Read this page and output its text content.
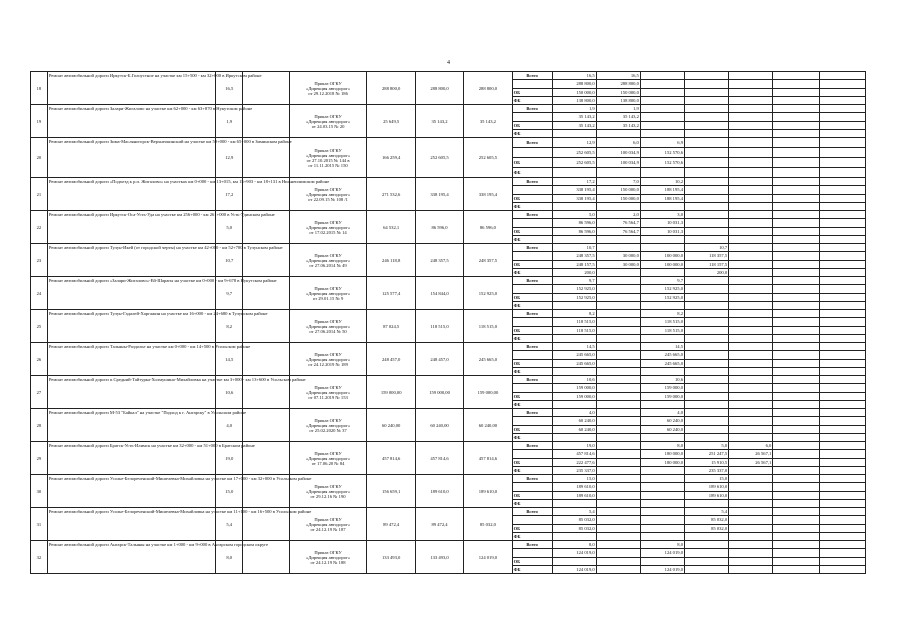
4
18	Ремонт автомобильной дороги Иркутск-Б.Голоустное на участке км 15+500 - км 32+000 в Иркутском районе	16,5		Приказ ОГКУ
«Дирекция автодорог»
от 29.12.2018 № 186	288 800,0	288 800,0	288 800,0	Всего	16,5	16,5					
									288 800,0	288 800,0					
								ОБ	150 000,0	150 000,0					
								ФБ	138 800,0	138 800,0					
19	Ремонт автомобильной дороги Залари-Жигалово на участке км 62+000 - км 63+870 в Нукутском районе	1,9		Приказ ОГКУ
«Дирекция автодорог»
от 24.03.15 № 20	25 649,5	35 143,2	35 143,2	Всего	1,9	1,9					
									35 143,2	35 143,2					
								ОБ	35 143,2	35 143,2					
								ФБ							
20	Ремонт автомобильной дороги Зима-Масляногорск-Верхнеокинский на участке км 50+000 - км 65+000 в Зиминском районе	12,9		Приказ ОГКУ
«Дирекция автодорог»
от 27.10.2015 № 144 в
от 11.11.2015 № 150	166 259,4	252 605,5	252 605,5	Всего	12,9	6,0	6,9				
									252 605,5	100 034,9	152 570,6				
								ОБ	252 605,5	100 034,9	152 570,6				
								ФБ							
21	Ремонт автомобильной дороги «Подъезд к р.п. Жигалово» на участках км 0+000 - км 13+015, км 15+903 - км 18+131 в Нижнеилимском районе	17,2		Приказ ОГКУ
«Дирекция автодорог»
от 22.09.15 № 108 /1	271 532,6	338 195,4	338 195,4	Всего	17,2	7,0	10,2				
									338 195,4	150 000,0	188 195,4				
								ОБ	338 195,4	150 000,0	188 195,4				
								ФБ							
22	Ремонт автомобильной дороги Иркутск-Оса-Усть-Уда на участке км 256+000 - км 261+000 в Усть-Удинском районе	5,0		Приказ ОГКУ
«Дирекция автодорог»
от 17.02.2015 № 14	64 532,1	86 596,0	86 596,0	Всего	5,0	2,0	3,0				
									86 596,0	76 564,7	10 031,3				
								ОБ	86 596,0	76 564,7	10 031,3				
								ФБ							
23	Ремонт автомобильной дороги Тулун-Икей (от городской черты) на участке км 42+000 - км 52+700 в Тулунском районе	10,7		Приказ ОГКУ
«Дирекция автодорог»
от 27.06.2014 № 49	246 118,8	248 357,5	248 357,5	Всего	10,7			10,7			
									248 357,5	30 000,0	100 000,0	118 357,5			
								ОБ	248 157,5	30 000,0	100 000,0	118 157,5			
								ФБ	200,0			200,0			
24	Ремонт автомобильной дороги «Залари-Жигалово»-Ей-Шарагы на участке км 0+000 - км 9+678 в Нукутском районе	9,7		Приказ ОГКУ
«Дирекция автодорог»
от 29.01.15 № 9	125 577,4	154 844,0	152 925,0	Всего	9,7		9,7				
									152 925,0		152 925,0				
								ОБ	152 925,0		152 925,0				
								ФБ							
25	Ремонт автомобильной дороги Тулун-Гадалей-Харгажин на участке км 16+000 - км 24+680 в Тулунском районе	8,2		Приказ ОГКУ
«Дирекция автодорог»
от 27.06.2014 № 50	87 024,5	118 515,0	118 515,0	Всего	8,2		8,2				
									118 515,0		118 515,0				
								ОБ	118 515,0		118 515,0				
								ФБ							
26	Ремонт автомобильной дороги Тальяны-Раздолье на участке км 0+000 - км 14+500 в Усольском районе	14,5		Приказ ОГКУ
«Дирекция автодорог»
от 24.12.2019 № 189	248 457,0	248 457,0	245 665,0	Всего	14,5		14,5				
									245 665,0		245 665,0				
								ОБ	245 665,0		245 665,0				
								ФБ							
27	Ремонт автомобильной дороги п.Средний-Тайтурка-Холмушино-Михайловка на участке км 3+000 - км 13+600 в Усольском районе	10,6		Приказ ОГКУ
«Дирекция автодорог»
от 07.11.2019 № 153	159 000,00	159 000,00	159 000,00	Всего	10,6		10,6				
									159 000,0		159 000,0				
								ОБ	159 000,0		159 000,0				
								ФБ							
28	Ремонт автомобильной дороги М-53 "Байкал" на участке "Подход к г. Ангарску" в Усольском районе	4,0		Приказ ОГКУ
«Дирекция автодорог»
от 25.02.2020 № 37	60 240,00	60 240,00	60 240,00	Всего	4,0		4,0				
									60 240,0		60 240,0				
								ОБ	60 240,0		60 240,0				
								ФБ							
29	Ремонт автомобильной дороги Братск-Усть-Илимск на участке км 32+000 - км 51+000 в Братском районе	19,0		Приказ ОГКУ
«Дирекция автодорог»
от 17.06.20 № 84	457 814,6	457 814,6	457 814,6	Всего	19,0		8,0	5,0	6,0		
									457 814,6		180 000,0	251 247,5	26 567,1		
								ОБ	222 477,6		180 000,0	15 910,5	26 567,1		
								ФБ	235 337,0			235 337,0			
30	Ремонт автомобильной дороги Усолье-Белореченский-Мишелевка-Михайловка на участке км 17+000 - км 32+000 в Усольском районе	15,0		Приказ ОГКУ
«Дирекция автодорог»
от 29.12.16 № 190	156 659,1	189 610,0	189 610,0	Всего	15,0			15,0			
									189 610,0			189 610,0			
								ОБ	189 610,0			189 610,0			
								ФБ							
31	Ремонт автомобильной дороги Усолье-Белореченский-Мишелевка-Михайловка на участке км 11+100 - км 16+500 в Усольском районе	5,4		Приказ ОГКУ
«Дирекция автодорог»
от 24.12.19 № 187	89 472,4	89 472,4	85 032,0	Всего	5,4			5,4			
									85 032,0			85 032,0			
								ОБ	85 032,0			85 032,0			
								ФБ							
32	Ремонт автомобильной дороги Ангарск-Тальяны на участке км 1+000 - км 9+000 в Ангарском городском округе	8,0		Приказ ОГКУ
«Дирекция автодорог»
от 24.12.19 № 188	133 493,0	133 493,0	124 019,0	Всего	8,0		8,0				
									124 019,0		124 019,0				
								ОБ							
								ФБ	124 019,0		124 019,0				
